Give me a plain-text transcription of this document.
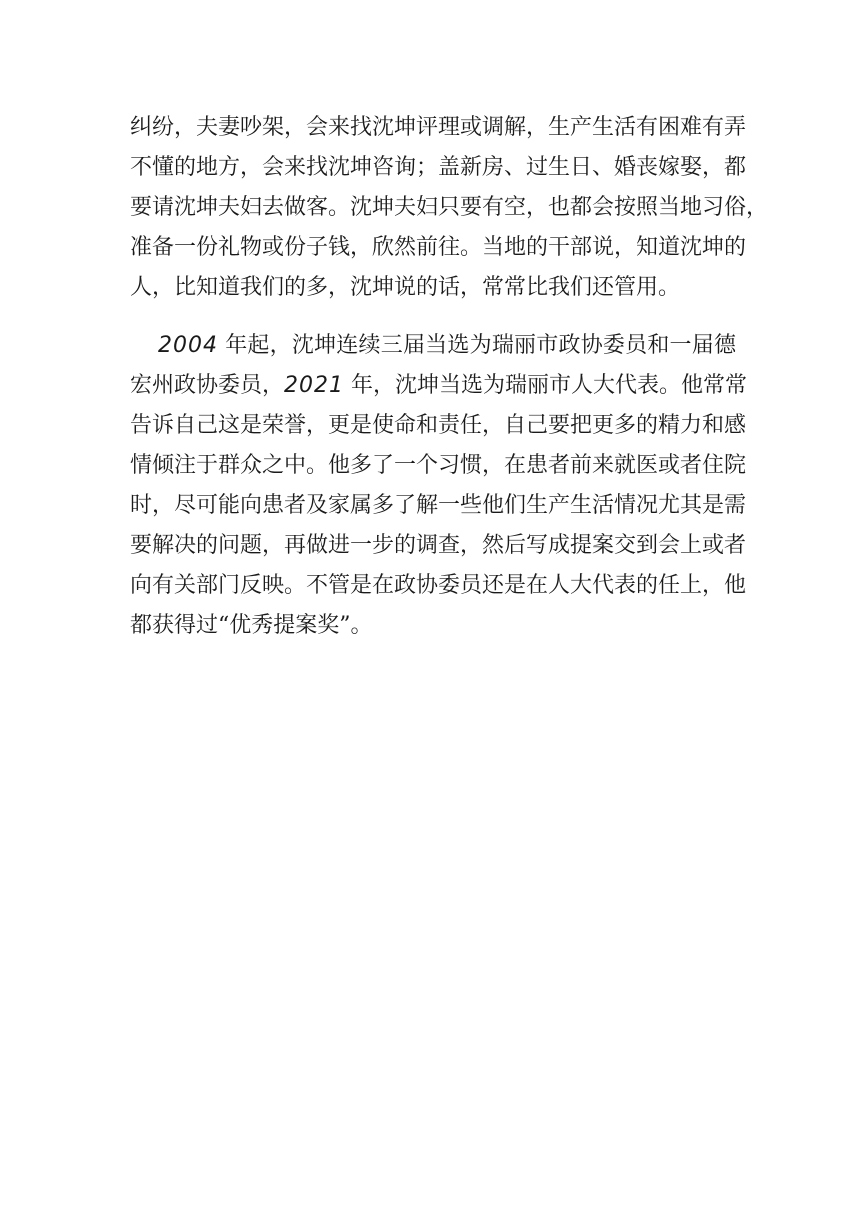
纠纷，夫妻吵架，会来找沈坤评理或调解，生产生活有困难有弄

不懂的地方，会来找沈坤咨询；盖新房、过生日、婚丧嫁娶，都

要请沈坤夫妇去做客。沈坤夫妇只要有空，也都会按照当地习俗，

准备一份礼物或份子钱，欣然前往。当地的干部说，知道沈坤的

人，比知道我们的多，沈坤说的话，常常比我们还管用。

2004 年起，沈坤连续三届当选为瑞丽市政协委员和一届德

宏州政协委员，2021 年，沈坤当选为瑞丽市人大代表。他常常

告诉自己这是荣誉，更是使命和责任，自己要把更多的精力和感

情倾注于群众之中。他多了一个习惯，在患者前来就医或者住院

时，尽可能向患者及家属多了解一些他们生产生活情况尤其是需

要解决的问题，再做进一步的调查，然后写成提案交到会上或者

向有关部门反映。不管是在政协委员还是在人大代表的任上，他

都获得过“优秀提案奖”。
